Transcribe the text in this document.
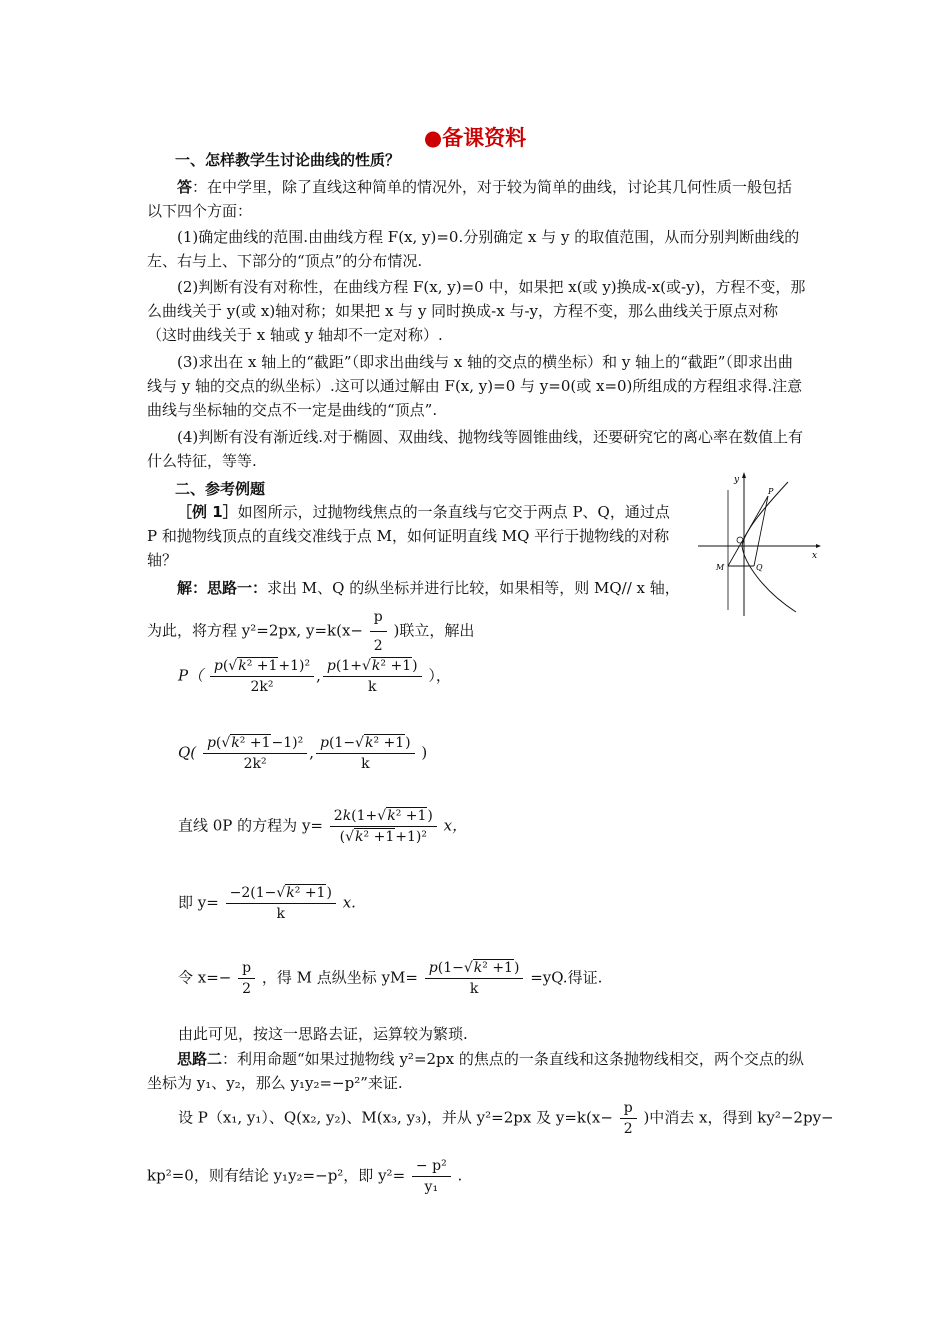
●备课资料
一、怎样教学生讨论曲线的性质？
答：在中学里，除了直线这种简单的情况外，对于较为简单的曲线，讨论其几何性质一般包括以下四个方面：
(1)确定曲线的范围.由曲线方程 F(x, y)=0.分别确定 x 与 y 的取值范围，从而分别判断曲线的左、右与上、下部分的“顶点”的分布情况.
(2)判断有没有对称性，在曲线方程 F(x, y)=0 中，如果把 x(或 y)换成-x(或-y)，方程不变，那么曲线关于 y(或 x)轴对称；如果把 x 与 y 同时换成-x 与-y，方程不变，那么曲线关于原点对称（这时曲线关于 x 轴或 y 轴却不一定对称）.
(3)求出在 x 轴上的“截距”（即求出曲线与 x 轴的交点的横坐标）和 y 轴上的“截距”（即求出曲线与 y 轴的交点的纵坐标）.这可以通过解由 F(x, y)=0 与 y=0(或 x=0)所组成的方程组求得.注意曲线与坐标轴的交点不一定是曲线的“顶点”.
(4)判断有没有渐近线.对于椭圆、双曲线、抛物线等圆锥曲线，还要研究它的离心率在数值上有什么特征，等等.
二、参考例题
［例 1］如图所示，过抛物线焦点的一条直线与它交于两点 P、Q，通过点 P 和抛物线顶点的直线交准线于点 M，如何证明直线 MQ 平行于抛物线的对称轴？
y
x
P
Q
M
解：思路一：求出 M、Q 的纵坐标并进行比较，如果相等，则 MQ// x 轴，
为此，将方程 y²=2px, $y=k(x- \frac{p}{2}$ )联立，解出
$P( \frac{\text{p(√k² +1+1)²}}{\text{2k²}}$ , $\frac{\text{p(1+√k² +1)}}{k}$ ），
$Q( \frac{\text{p(√k² +1−1)²}}{\text{2k²}}$ , $\frac{\text{p(1−√k² +1)}}{k}$ )
直线 0P 的方程为 $y= \frac{\text{2k(1+√k² +1)}}{\text{(√k² +1+1)²}}$ x，
即 $y= \frac{\text{−2(1−√k² +1)}}{k} x$.
令 $x=- \frac{p}{2}$ ，得 M 点纵坐标 $yM= \frac{\text{p(1−√k² +1)}}{k} =yQ$.得证.
由此可见，按这一思路去证，运算较为繁琐.
思路二：利用命题“如果过抛物线 y²=2px 的焦点的一条直线和这条抛物线相交，两个交点的纵坐标为 y₁、y₂，那么 y₁y₂=−p²”来证.
设 P（x₁, y₁）、Q(x₂, y₂)、M(x₃, y₃)，并从 y²=2px 及 $y=k(x- \frac{p}{2}$ )中消去 x，得到 ky²−2py−
kp²=0，则有结论 y₁y₂=−p²，即 $y^2= \frac{\text{− p²}}{\text{y₁}}$ .
